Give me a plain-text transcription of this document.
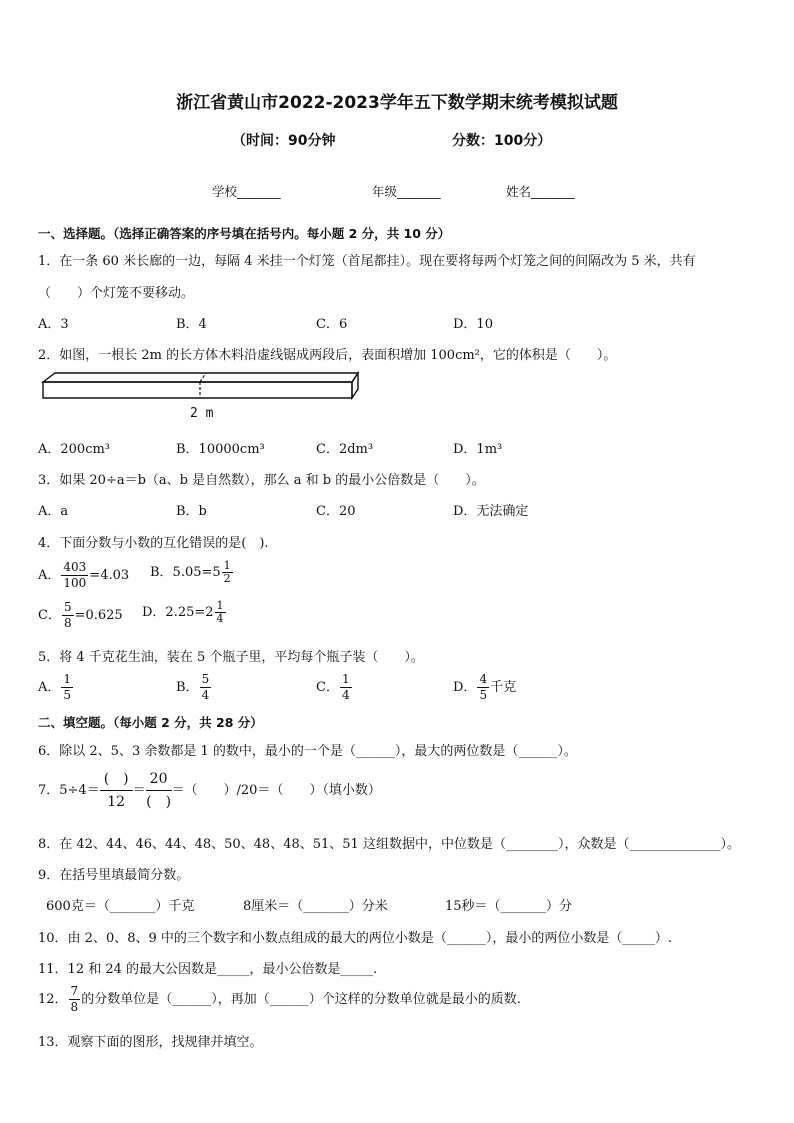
浙江省黄山市2022-2023学年五下数学期末统考模拟试题
（时间：90分钟	分数：100分）
学校_______	年级_______	姓名_______
一、选择题。（选择正确答案的序号填在括号内。每小题 2 分，共 10 分）
1．在一条 60 米长廊的一边，每隔 4 米挂一个灯笼（首尾都挂）。现在要将每两个灯笼之间的间隔改为 5 米，共有
（　　）个灯笼不要移动。
A．3	B．4	C．6	D．10
2．如图，一根长 2m 的长方体木料沿虚线锯成两段后，表面积增加 100cm²，它的体积是（　　）。
2 m
A．200cm³	B．10000cm³	C．2dm³	D．1m³
3．如果 20÷a＝b（a、b 是自然数），那么 a 和 b 的最小公倍数是（　　）。
A．a	B．b	C．20	D．无法确定
4．下面分数与小数的互化错误的是(　).
A． $\frac{403}{100} =4.03$ B．$5.05=5 \frac{1}{2}$
C． $\frac{5}{8} =0.625$ D．$2.25=2 \frac{1}{4}$
5．将 4 千克花生油，装在 5 个瓶子里，平均每个瓶子装（　　）。
A． $\frac{1}{5}$	B． $\frac{5}{4}$	C． $\frac{1}{4}$	D． $\frac{4}{5}$ 千克
二、填空题。（每小题 2 分，共 28 分）
6．除以 2、5、3 余数都是 1 的数中，最小的一个是（______），最大的两位数是（______）。
7．5÷4＝
(　)
12
＝
20
(　)
＝（　　）/20＝（　　）（填小数）
8．在 42、44、46、44、48、50、48、48、51、51 这组数据中，中位数是（________），众数是（______________）。
9．在括号里填最简分数。
600克＝（_______）千克	8厘米＝（_______）分米	15秒＝（_______）分
10．由 2、0、8、9 中的三个数字和小数点组成的最大的两位小数是（______），最小的两位小数是（_____）.
11．12 和 24 的最大公因数是_____，最小公倍数是_____.
12． $\frac{7}{8}$ 的分数单位是（______），再加（______）个这样的分数单位就是最小的质数.
13．观察下面的图形，找规律并填空。
